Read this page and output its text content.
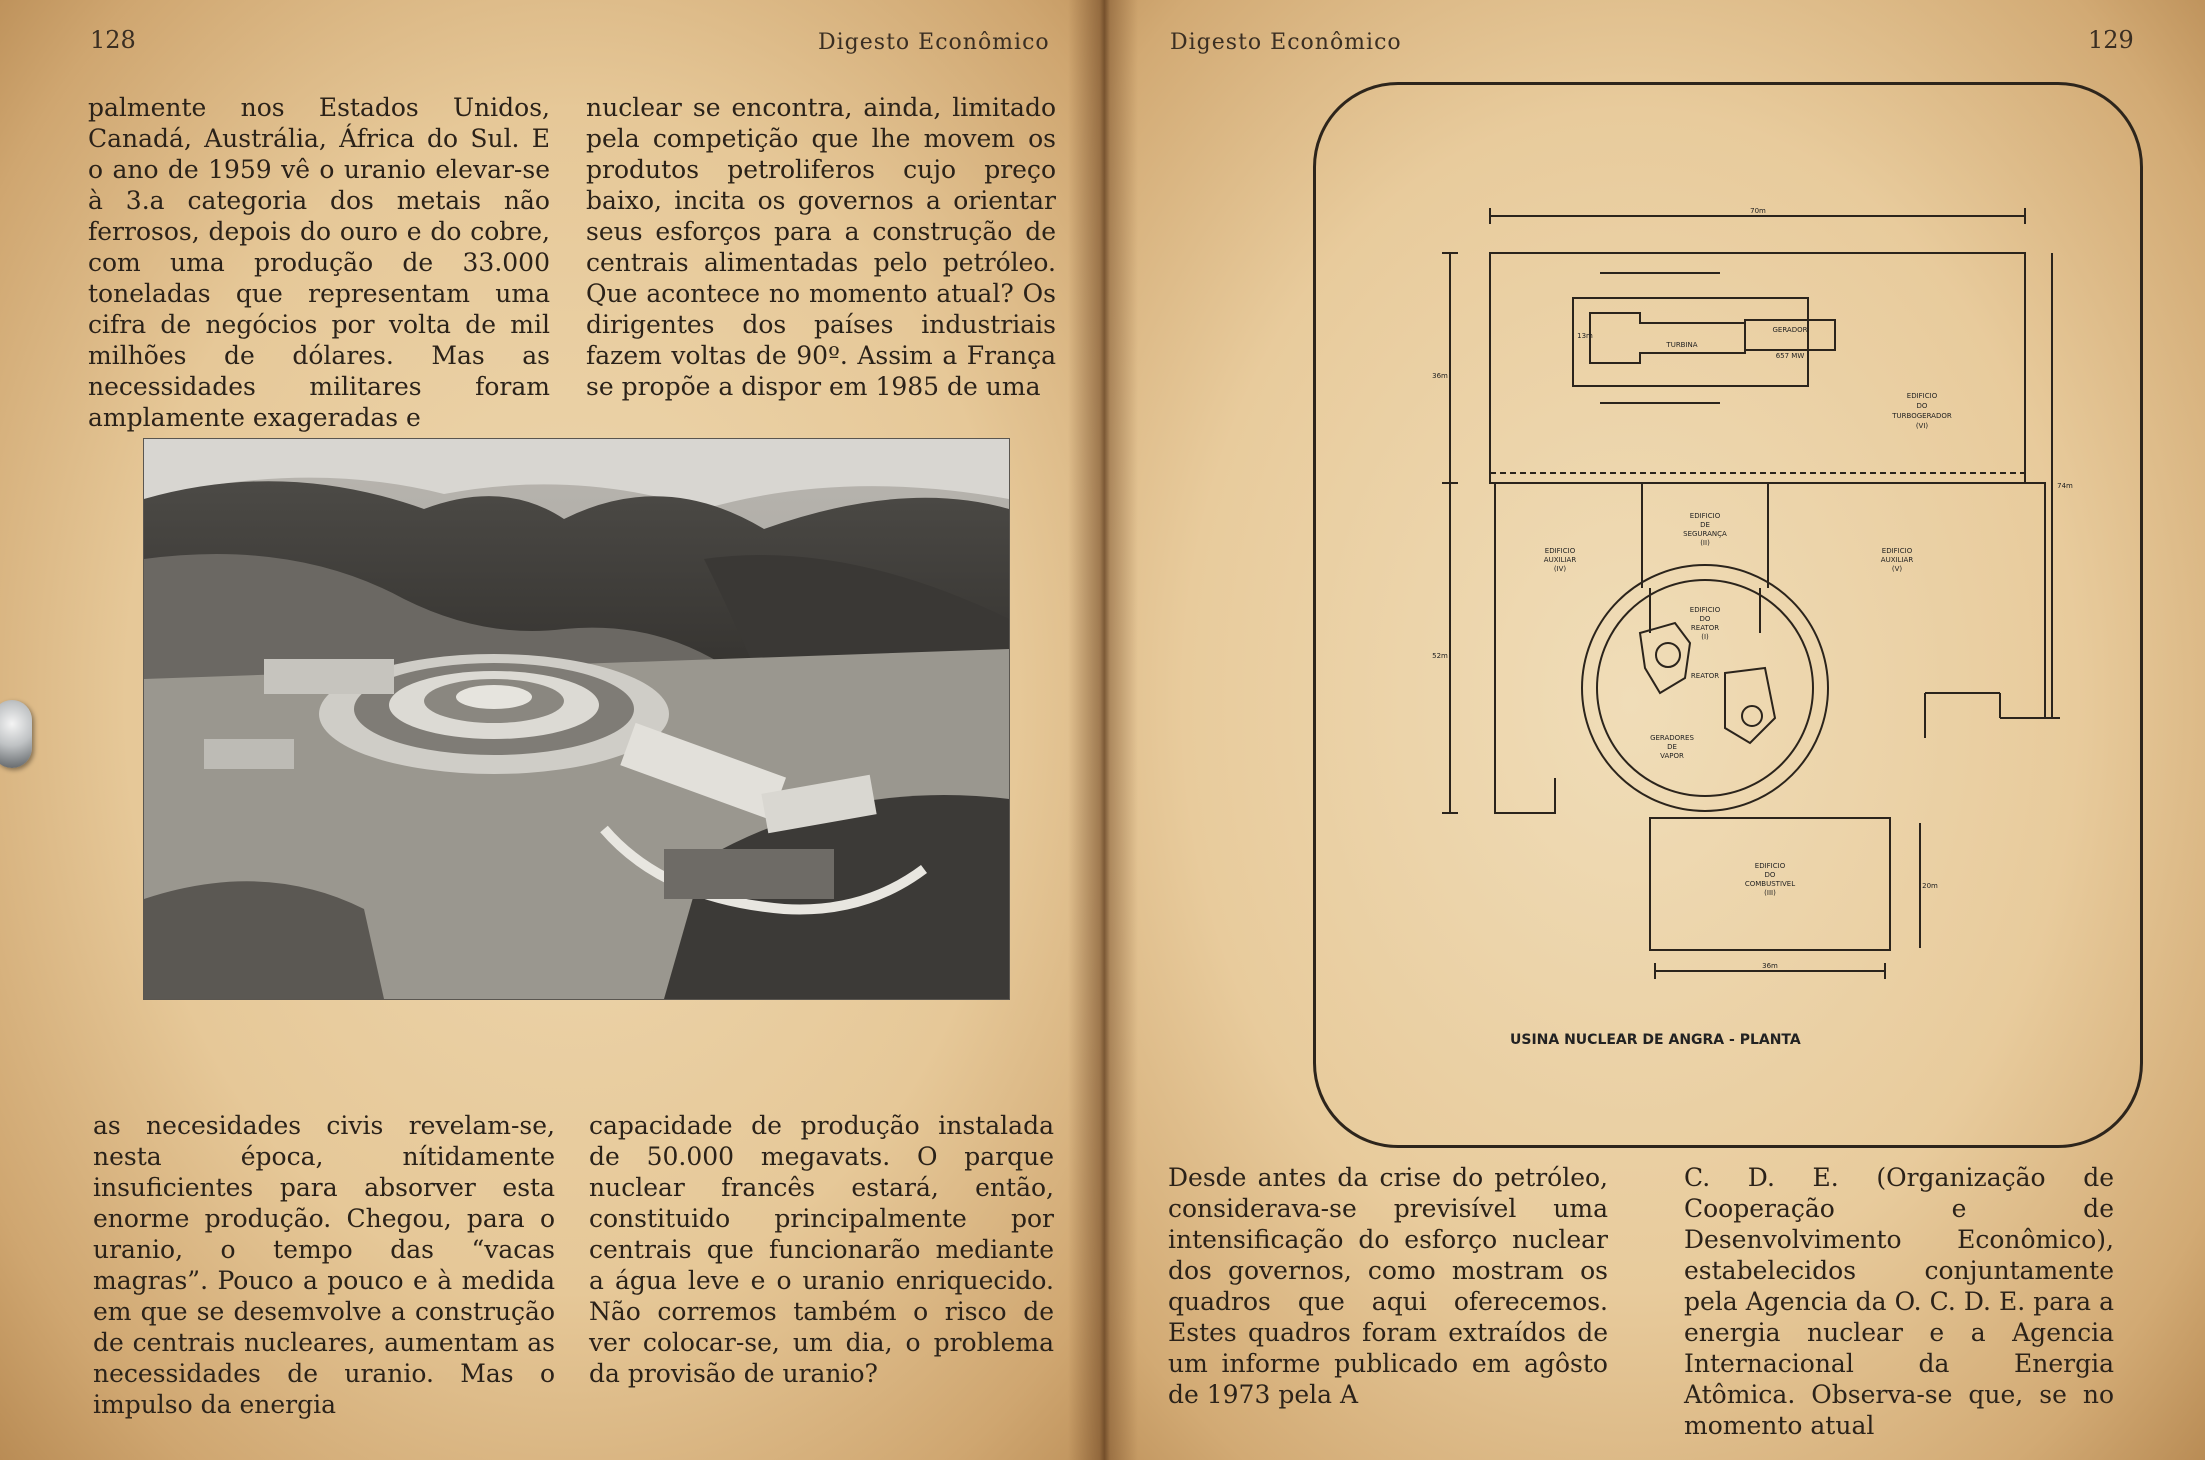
128	Digesto Econômico

palmente nos Estados Unidos, Canadá, Austrália, África do Sul. E o ano de 1959 vê o uranio elevar-se à 3.a categoria dos metais não ferrosos, depois do ouro e do cobre, com uma produção de 33.000 toneladas que representam uma cifra de negócios por volta de mil milhões de dólares. Mas as necessidades militares foram amplamente exageradas e

nuclear se encontra, ainda, limitado pela competição que lhe movem os produtos petroliferos cujo preço baixo, incita os governos a orientar seus esforços para a construção de centrais alimentadas pelo petróleo. Que acontece no momento atual? Os dirigentes dos países industriais fazem voltas de 90º. Assim a França se propõe a dispor em 1985 de uma

as necesidades civis revelam-se, nesta época, nítidamente insuficientes para absorver esta enorme produção. Chegou, para o uranio, o tempo das “vacas magras”. Pouco a pouco e à medida em que se desemvolve a construção de centrais nucleares, aumentam as necessidades de uranio. Mas o impulso da energia

capacidade de produção instalada de 50.000 megavats. O parque nuclear francês estará, então, constituido principalmente por centrais que funcionarão mediante a água leve e o uranio enriquecido. Não corremos também o risco de ver colocar-se, um dia, o problema da provisão de uranio?

Digesto Econômico	129
70m
36m
52m
74m
36m
20m
13m
TURBINA
GERADOR
657 MW
EDIFICIO
DO
TURBOGERADOR
(VI)
EDIFICIO
DE
SEGURANÇA
(II)
EDIFICIO
AUXILIAR
(IV)
EDIFICIO
AUXILIAR
(V)
EDIFICIO
DO
REATOR
(I)
REATOR
GERADORES
DE
VAPOR
EDIFICIO
DO
COMBUSTIVEL
(III)
USINA NUCLEAR DE ANGRA - PLANTA

Desde antes da crise do petróleo, considerava-se previsível uma intensificação do esforço nuclear dos governos, como mostram os quadros que aqui oferecemos. Estes quadros foram extraídos de um informe publicado em agôsto de 1973 pela A

C. D. E. (Organização de Cooperação e de Desenvolvimento Econômico), estabelecidos conjuntamente pela Agencia da O. C. D. E. para a energia nuclear e a Agencia Internacional da Energia Atômica. Observa-se que, se no momento atual
